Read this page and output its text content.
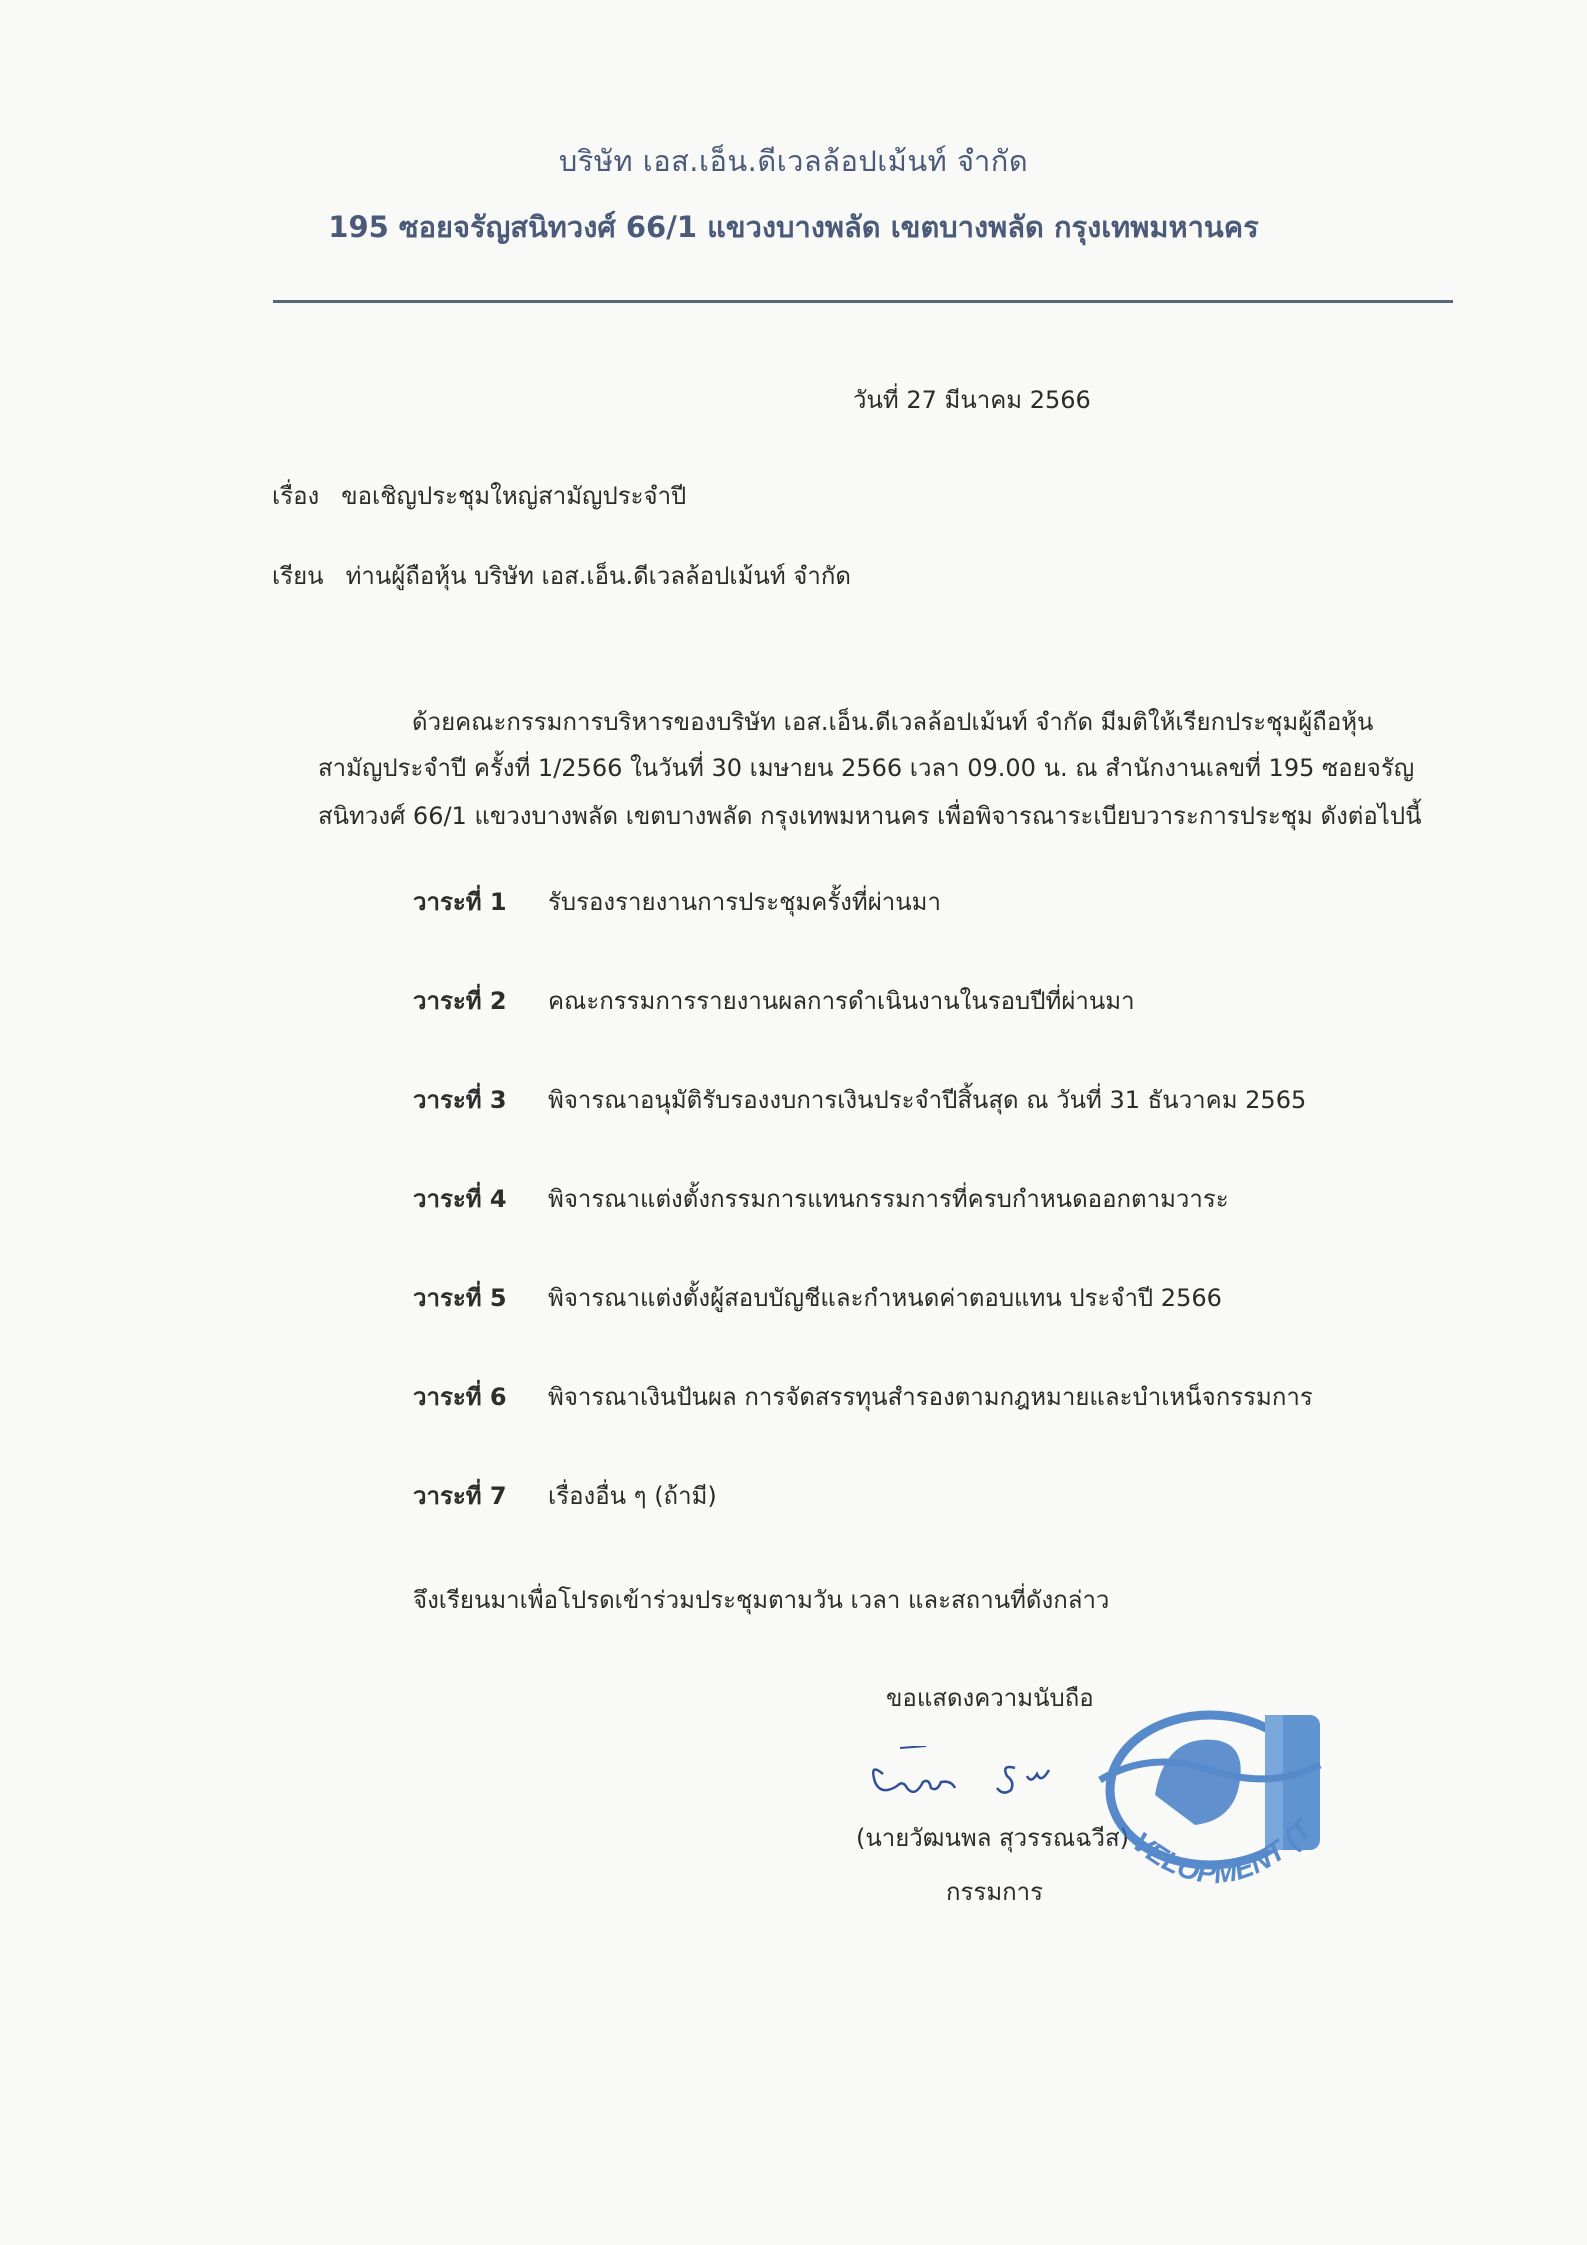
บริษัท เอส.เอ็น.ดีเวลล้อปเม้นท์ จำกัด
195 ซอยจรัญสนิทวงศ์ 66/1 แขวงบางพลัด เขตบางพลัด กรุงเทพมหานคร
วันที่ 27 มีนาคม 2566
เรื่อง ขอเชิญประชุมใหญ่สามัญประจำปี
เรียน ท่านผู้ถือหุ้น บริษัท เอส.เอ็น.ดีเวลล้อปเม้นท์ จำกัด
ด้วยคณะกรรมการบริหารของบริษัท เอส.เอ็น.ดีเวลล้อปเม้นท์ จำกัด มีมติให้เรียกประชุมผู้ถือหุ้น
สามัญประจำปี ครั้งที่ 1/2566 ในวันที่ 30 เมษายน 2566 เวลา 09.00 น. ณ สำนักงานเลขที่ 195 ซอยจรัญ
สนิทวงศ์ 66/1 แขวงบางพลัด เขตบางพลัด กรุงเทพมหานคร เพื่อพิจารณาระเบียบวาระการประชุม ดังต่อไปนี้
วาระที่ 1 รับรองรายงานการประชุมครั้งที่ผ่านมา
วาระที่ 2 คณะกรรมการรายงานผลการดำเนินงานในรอบปีที่ผ่านมา
วาระที่ 3 พิจารณาอนุมัติรับรองงบการเงินประจำปีสิ้นสุด ณ วันที่ 31 ธันวาคม 2565
วาระที่ 4 พิจารณาแต่งตั้งกรรมการแทนกรรมการที่ครบกำหนดออกตามวาระ
วาระที่ 5 พิจารณาแต่งตั้งผู้สอบบัญชีและกำหนดค่าตอบแทน ประจำปี 2566
วาระที่ 6 พิจารณาเงินปันผล การจัดสรรทุนสำรองตามกฎหมายและบำเหน็จกรรมการ
วาระที่ 7 เรื่องอื่น ๆ (ถ้ามี)
จึงเรียนมาเพื่อโปรดเข้าร่วมประชุมตามวัน เวลา และสถานที่ดังกล่าว
ขอแสดงความนับถือ
(นายวัฒนพล สุวรรณฉวีส)
กรรมการ
VELOPMENT (T
